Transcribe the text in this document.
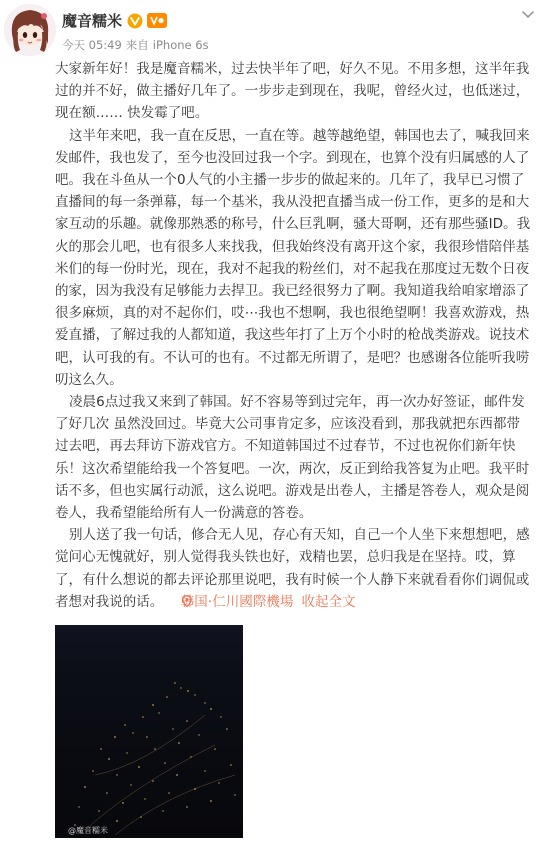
魔音糯米
今天 05:49 来自 iPhone 6s

大家新年好！我是魔音糯米，过去快半年了吧，好久不见。不用多想，这半年我过的并不好，做主播好几年了。一步步走到现在，我呢，曾经火过，也低迷过，现在额…… 快发霉了吧。

这半年来吧，我一直在反思，一直在等。越等越绝望，韩国也去了，喊我回来发邮件，我也发了，至今也没回过我一个字。到现在，也算个没有归属感的人了吧。我在斗鱼从一个0人气的小主播一步步的做起来的。几年了，我早已习惯了直播间的每一条弹幕，每一个基米，我从没把直播当成一份工作，更多的是和大家互动的乐趣。就像那熟悉的称号，什么巨乳啊，骚大哥啊，还有那些骚ID。我火的那会儿吧，也有很多人来找我，但我始终没有离开这个家，我很珍惜陪伴基米们的每一份时光，现在，我对不起我的粉丝们，对不起我在那度过无数个日夜的家，因为我没有足够能力去捍卫。我已经很努力了啊。我知道我给咱家增添了很多麻烦，真的对不起你们，哎⋯我也不想啊，我也很绝望啊！我喜欢游戏，热爱直播，了解过我的人都知道，我这些年打了上万个小时的枪战类游戏。说技术吧，认可我的有。不认可的也有。不过都无所谓了，是吧？也感谢各位能听我唠叨这么久。

凌晨6点过我又来到了韩国。好不容易等到过完年，再一次办好签证，邮件发了好几次 虽然没回过。毕竟大公司事肯定多，应该没看到，那我就把东西都带过去吧，再去拜访下游戏官方。不知道韩国过不过春节，不过也祝你们新年快乐！这次希望能给我一个答复吧。一次，两次，反正到给我答复为止吧。我平时话不多，但也实属行动派，这么说吧。游戏是出卷人，主播是答卷人，观众是阅卷人，我希望能给所有人一份满意的答卷。

别人送了我一句话，修合无人见，存心有天知，自己一个人坐下来想想吧，感觉问心无愧就好，别人觉得我头铁也好，戏精也罢，总归我是在坚持。哎，算了，有什么想说的都去评论那里说吧，我有时候一个人静下来就看看你们调侃或者想对我说的话。 韩国·仁川國際機場 收起全文

@魔音糯米
